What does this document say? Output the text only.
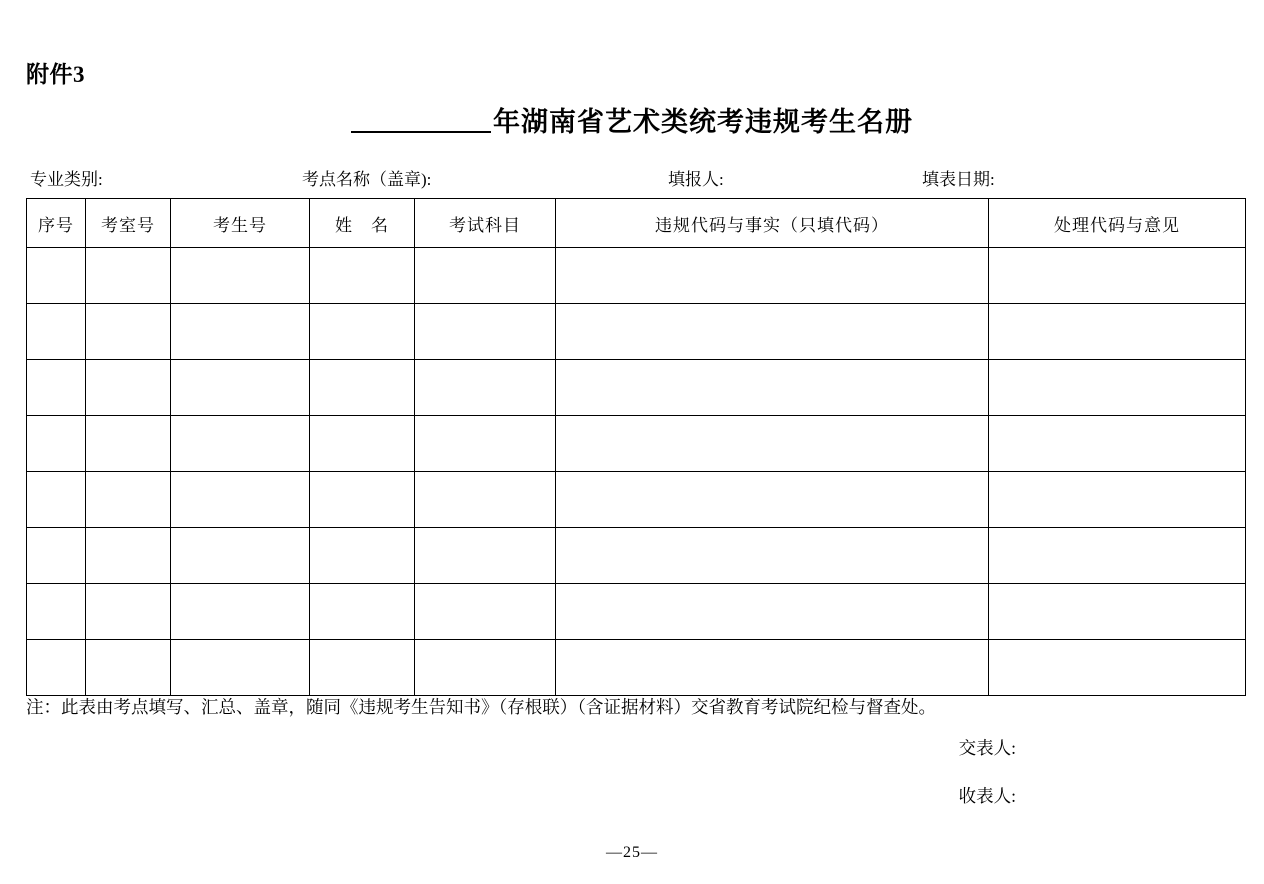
附件3
年湖南省艺术类统考违规考生名册
专业类别:	考点名称（盖章):	填报人:	填表日期:
序号	考室号	考生号	姓　名	考试科目	违规代码与事实（只填代码）	处理代码与意见

注：此表由考点填写、汇总、盖章，随同《违规考生告知书》（存根联）（含证据材料）交省教育考试院纪检与督查处。
交表人:
收表人:
—25—
